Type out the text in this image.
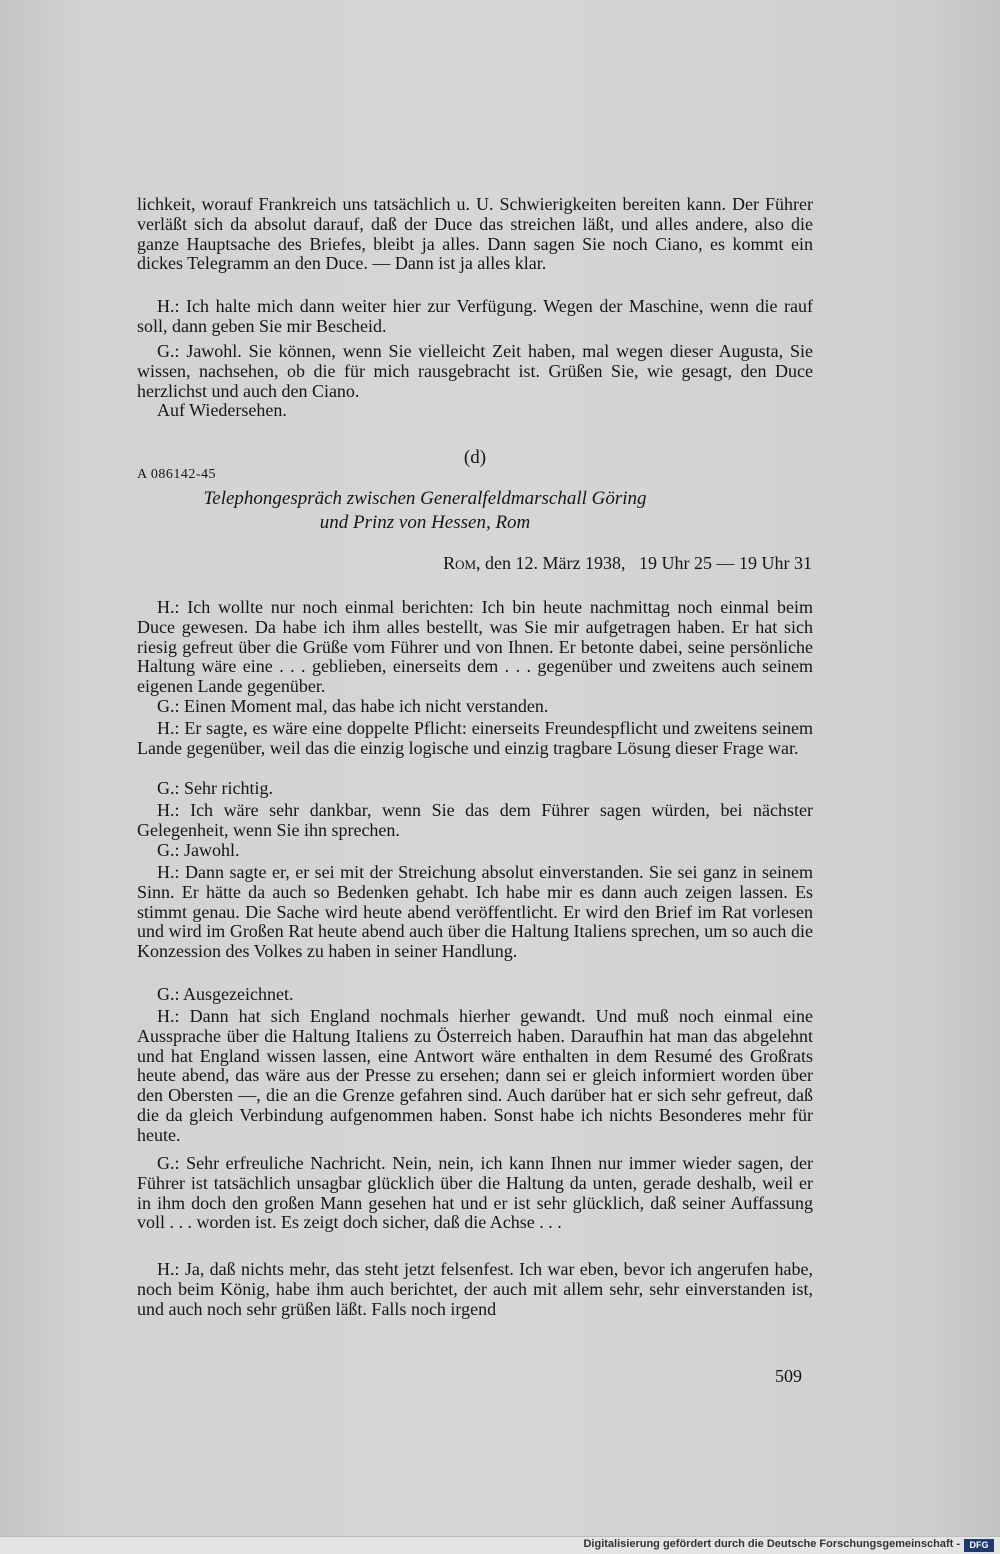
lichkeit, worauf Frankreich uns tatsächlich u. U. Schwierigkeiten bereiten kann. Der Führer verläßt sich da absolut darauf, daß der Duce das streichen läßt, und alles andere, also die ganze Hauptsache des Briefes, bleibt ja alles. Dann sagen Sie noch Ciano, es kommt ein dickes Telegramm an den Duce. — Dann ist ja alles klar.

H.: Ich halte mich dann weiter hier zur Verfügung. Wegen der Maschine, wenn die rauf soll, dann geben Sie mir Bescheid.

G.: Jawohl. Sie können, wenn Sie vielleicht Zeit haben, mal wegen dieser Augusta, Sie wissen, nachsehen, ob die für mich rausgebracht ist. Grüßen Sie, wie gesagt, den Duce herzlichst und auch den Ciano.

Auf Wiedersehen.

(d)
A 086142-45
Telephongespräch zwischen Generalfeldmarschall Göring
und Prinz von Hessen, Rom
Rom, den 12. März 1938,   19 Uhr 25 — 19 Uhr 31

H.: Ich wollte nur noch einmal berichten: Ich bin heute nachmittag noch einmal beim Duce gewesen. Da habe ich ihm alles bestellt, was Sie mir aufgetragen haben. Er hat sich riesig gefreut über die Grüße vom Führer und von Ihnen. Er betonte dabei, seine persönliche Haltung wäre eine . . . geblieben, einerseits dem . . . gegenüber und zweitens auch seinem eigenen Lande gegenüber.

G.: Einen Moment mal, das habe ich nicht verstanden.

H.: Er sagte, es wäre eine doppelte Pflicht: einerseits Freundespflicht und zweitens seinem Lande gegenüber, weil das die einzig logische und einzig tragbare Lösung dieser Frage war.

G.: Sehr richtig.

H.: Ich wäre sehr dankbar, wenn Sie das dem Führer sagen würden, bei nächster Gelegenheit, wenn Sie ihn sprechen.

G.: Jawohl.

H.: Dann sagte er, er sei mit der Streichung absolut einverstanden. Sie sei ganz in seinem Sinn. Er hätte da auch so Bedenken gehabt. Ich habe mir es dann auch zeigen lassen. Es stimmt genau. Die Sache wird heute abend veröffentlicht. Er wird den Brief im Rat vorlesen und wird im Großen Rat heute abend auch über die Haltung Italiens sprechen, um so auch die Konzession des Volkes zu haben in seiner Handlung.

G.: Ausgezeichnet.

H.: Dann hat sich England nochmals hierher gewandt. Und muß noch einmal eine Aussprache über die Haltung Italiens zu Österreich haben. Daraufhin hat man das abgelehnt und hat England wissen lassen, eine Antwort wäre enthalten in dem Resumé des Großrats heute abend, das wäre aus der Presse zu ersehen; dann sei er gleich informiert worden über den Obersten —, die an die Grenze gefahren sind. Auch darüber hat er sich sehr gefreut, daß die da gleich Verbindung aufgenommen haben. Sonst habe ich nichts Besonderes mehr für heute.

G.: Sehr erfreuliche Nachricht. Nein, nein, ich kann Ihnen nur immer wieder sagen, der Führer ist tatsächlich unsagbar glücklich über die Haltung da unten, gerade deshalb, weil er in ihm doch den großen Mann gesehen hat und er ist sehr glücklich, daß seiner Auffassung voll . . . worden ist. Es zeigt doch sicher, daß die Achse . . .

H.: Ja, daß nichts mehr, das steht jetzt felsenfest. Ich war eben, bevor ich angerufen habe, noch beim König, habe ihm auch berichtet, der auch mit allem sehr, sehr einverstanden ist, und auch noch sehr grüßen läßt. Falls noch irgend

509
Digitalisierung gefördert durch die Deutsche Forschungsgemeinschaft -	DFG
